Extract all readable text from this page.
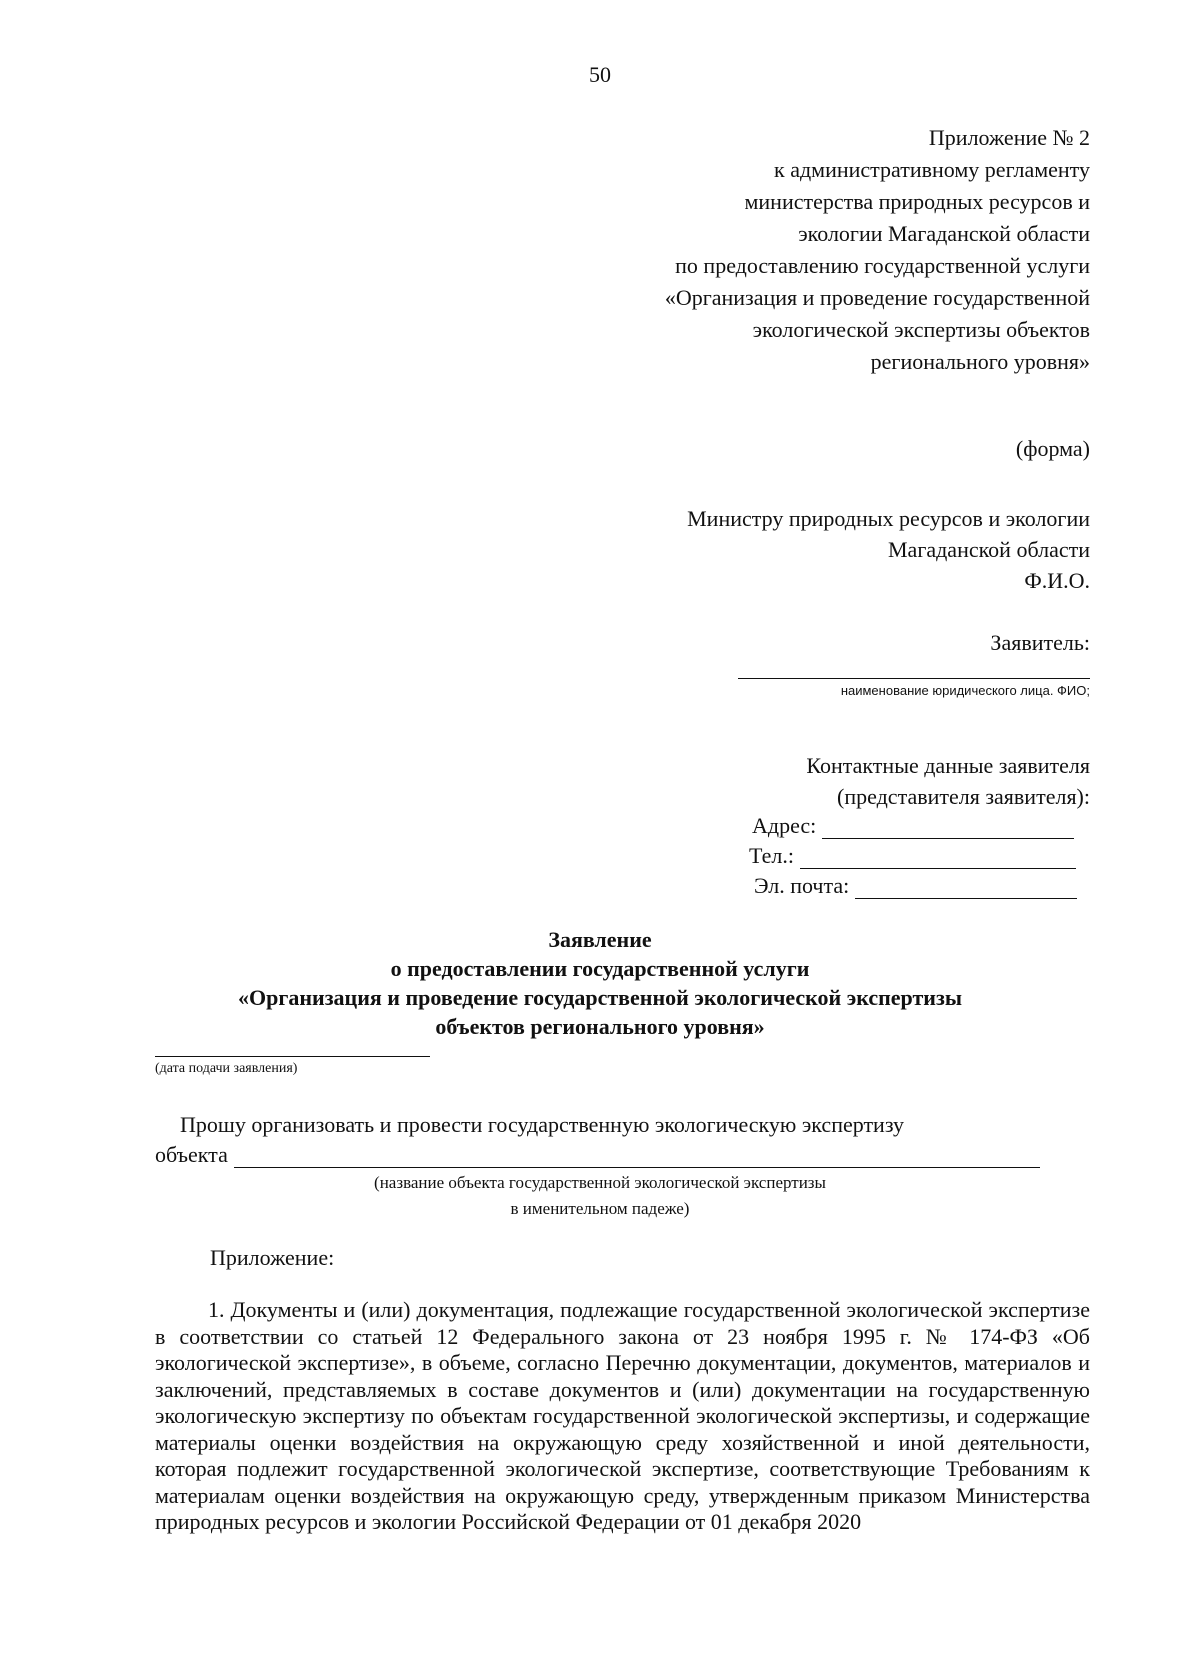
50
Приложение № 2
к административному регламенту
министерства природных ресурсов и
экологии Магаданской области
по предоставлению государственной услуги
«Организация и проведение государственной
экологической экспертизы объектов
регионального уровня»
(форма)
Министру природных ресурсов и экологии
Магаданской области
Ф.И.О.
Заявитель:
наименование юридического лица. ФИО;
Контактные данные заявителя
(представителя заявителя):
Адрес:
Тел.:
Эл. почта:
Заявление
о предоставлении государственной услуги
«Организация и проведение государственной экологической экспертизы
объектов регионального уровня»
(дата подачи заявления)
Прошу организовать и провести государственную экологическую экспертизу
объекта
(название объекта государственной экологической экспертизы
в именительном падеже)
Приложение:
1. Документы и (или) документация, подлежащие государственной экологической экспертизе в соответствии со статьей 12 Федерального закона от 23 ноября 1995 г. № 174-ФЗ «Об экологической экспертизе», в объеме, согласно Перечню документации, документов, материалов и заключений, представляемых в составе документов и (или) документации на государственную экологическую экспертизу по объектам государственной экологической экспертизы, и содержащие материалы оценки воздействия на окружающую среду хозяйственной и иной деятельности, которая подлежит государственной экологической экспертизе, соответствующие Требованиям к материалам оценки воздействия на окружающую среду, утвержденным приказом Министерства природных ресурсов и экологии Российской Федерации от 01 декабря 2020
